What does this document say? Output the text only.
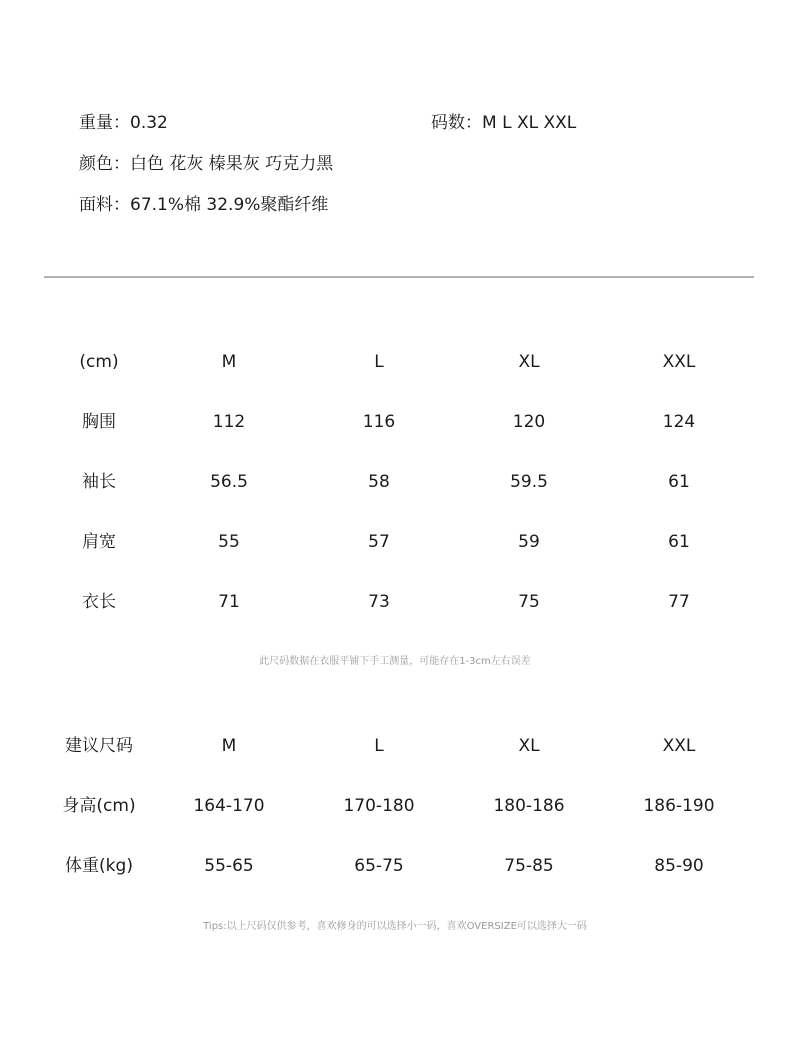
重量：0.32	码数：M L XL XXL
颜色：白色 花灰 榛果灰 巧克力黑
面料：67.1%棉 32.9%聚酯纤维
(cm)	M	L	XL	XXL
胸围	112	116	120	124
袖长	56.5	58	59.5	61
肩宽	55	57	59	61
衣长	71	73	75	77
此尺码数据在衣服平铺下手工测量，可能存在1-3cm左右误差
建议尺码	M	L	XL	XXL
身高(cm)	164-170	170-180	180-186	186-190
体重(kg)	55-65	65-75	75-85	85-90
Tips:以上尺码仅供参考，喜欢修身的可以选择小一码，喜欢OVERSIZE可以选择大一码
